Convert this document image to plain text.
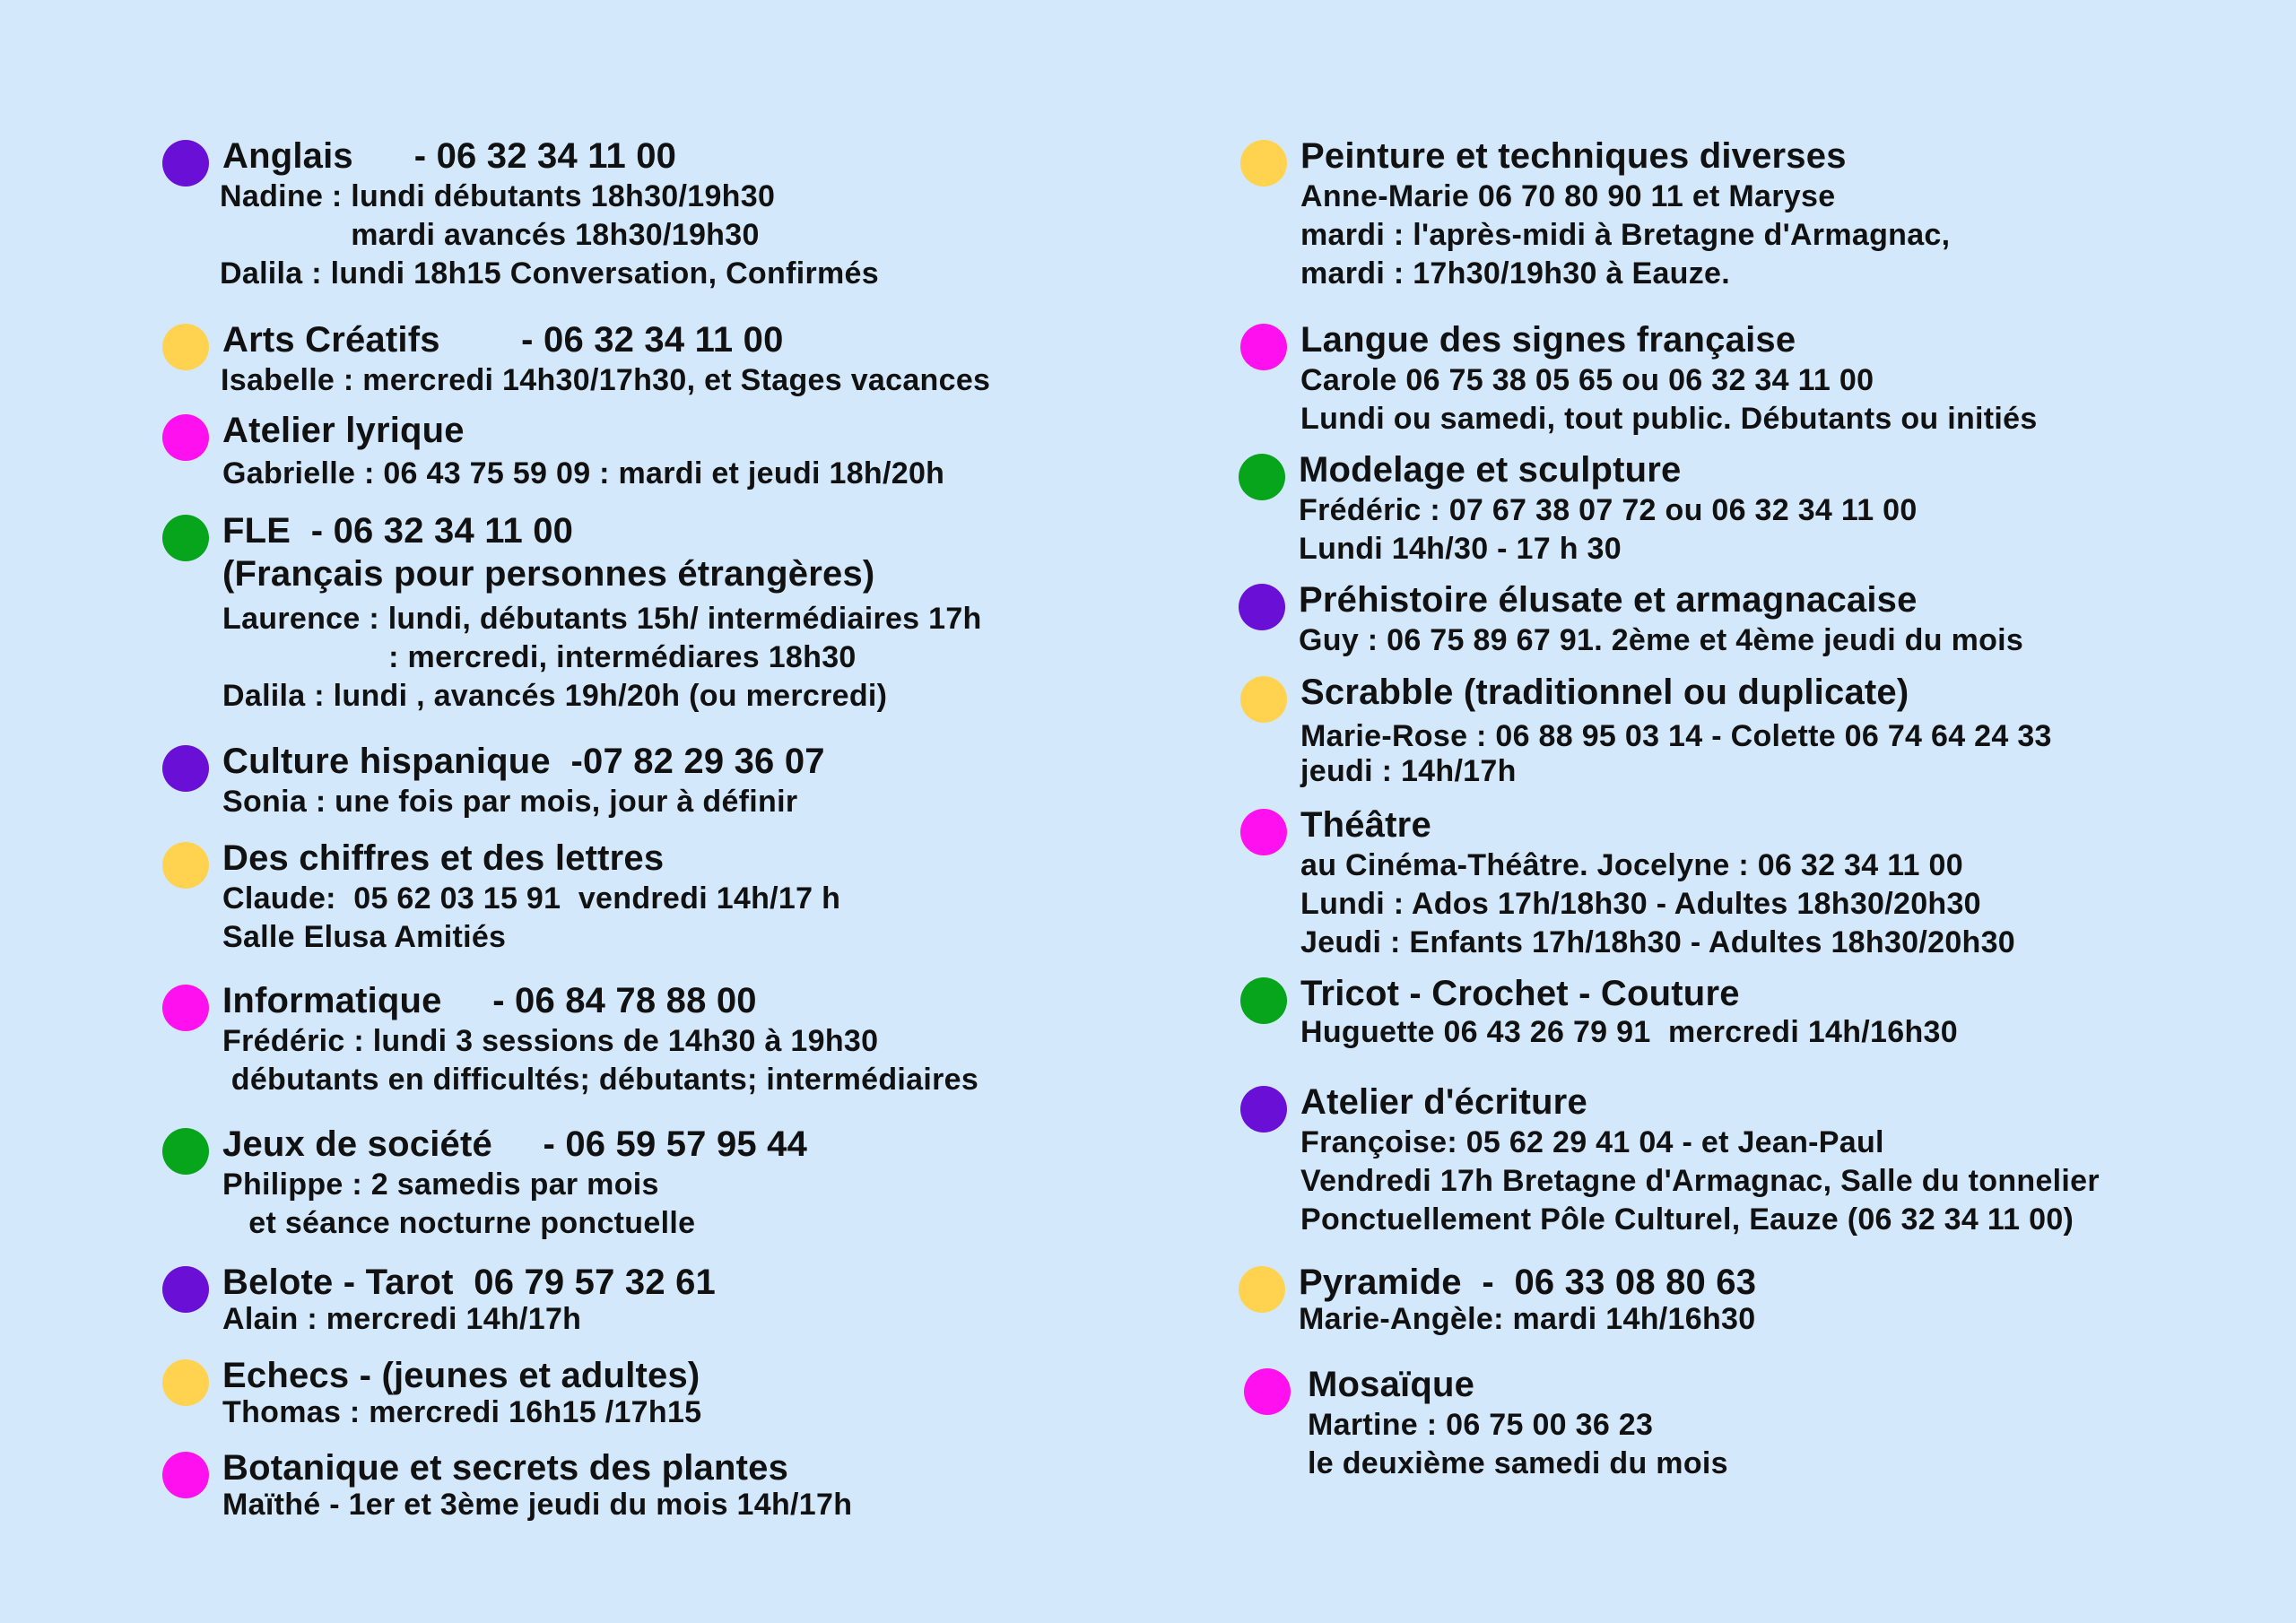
Anglais      - 06 32 34 11 00
Nadine : lundi débutants 18h30/19h30
mardi avancés 18h30/19h30
Dalila : lundi 18h15 Conversation, Confirmés
Arts Créatifs        - 06 32 34 11 00
Isabelle : mercredi 14h30/17h30, et Stages vacances
Atelier lyrique
Gabrielle : 06 43 75 59 09 : mardi et jeudi 18h/20h
FLE  - 06 32 34 11 00
(Français pour personnes étrangères)
Laurence : lundi, débutants 15h/ intermédiaires 17h
: mercredi, intermédiares 18h30
Dalila : lundi , avancés 19h/20h (ou mercredi)
Culture hispanique  -07 82 29 36 07
Sonia : une fois par mois, jour à définir
Des chiffres et des lettres
Claude:  05 62 03 15 91  vendredi 14h/17 h
Salle Elusa Amitiés
Informatique     - 06 84 78 88 00
Frédéric : lundi 3 sessions de 14h30 à 19h30
débutants en difficultés; débutants; intermédiaires
Jeux de société     - 06 59 57 95 44
Philippe : 2 samedis par mois
et séance nocturne ponctuelle
Belote - Tarot  06 79 57 32 61
Alain : mercredi 14h/17h
Echecs - (jeunes et adultes)
Thomas : mercredi 16h15 /17h15
Botanique et secrets des plantes
Maïthé - 1er et 3ème jeudi du mois 14h/17h
Peinture et techniques diverses
Anne-Marie 06 70 80 90 11 et Maryse
mardi : l'après-midi à Bretagne d'Armagnac,
mardi : 17h30/19h30 à Eauze.
Langue des signes française
Carole 06 75 38 05 65 ou 06 32 34 11 00
Lundi ou samedi, tout public. Débutants ou initiés
Modelage et sculpture
Frédéric : 07 67 38 07 72 ou 06 32 34 11 00
Lundi 14h/30 - 17 h 30
Préhistoire élusate et armagnacaise
Guy : 06 75 89 67 91. 2ème et 4ème jeudi du mois
Scrabble (traditionnel ou duplicate)
Marie-Rose : 06 88 95 03 14 - Colette 06 74 64 24 33
jeudi : 14h/17h
Théâtre
au Cinéma-Théâtre. Jocelyne : 06 32 34 11 00
Lundi : Ados 17h/18h30 - Adultes 18h30/20h30
Jeudi : Enfants 17h/18h30 - Adultes 18h30/20h30
Tricot - Crochet - Couture
Huguette 06 43 26 79 91  mercredi 14h/16h30
Atelier d'écriture
Françoise: 05 62 29 41 04 - et Jean-Paul
Vendredi 17h Bretagne d'Armagnac, Salle du tonnelier
Ponctuellement Pôle Culturel, Eauze (06 32 34 11 00)
Pyramide  -  06 33 08 80 63
Marie-Angèle: mardi 14h/16h30
Mosaïque
Martine : 06 75 00 36 23
le deuxième samedi du mois
